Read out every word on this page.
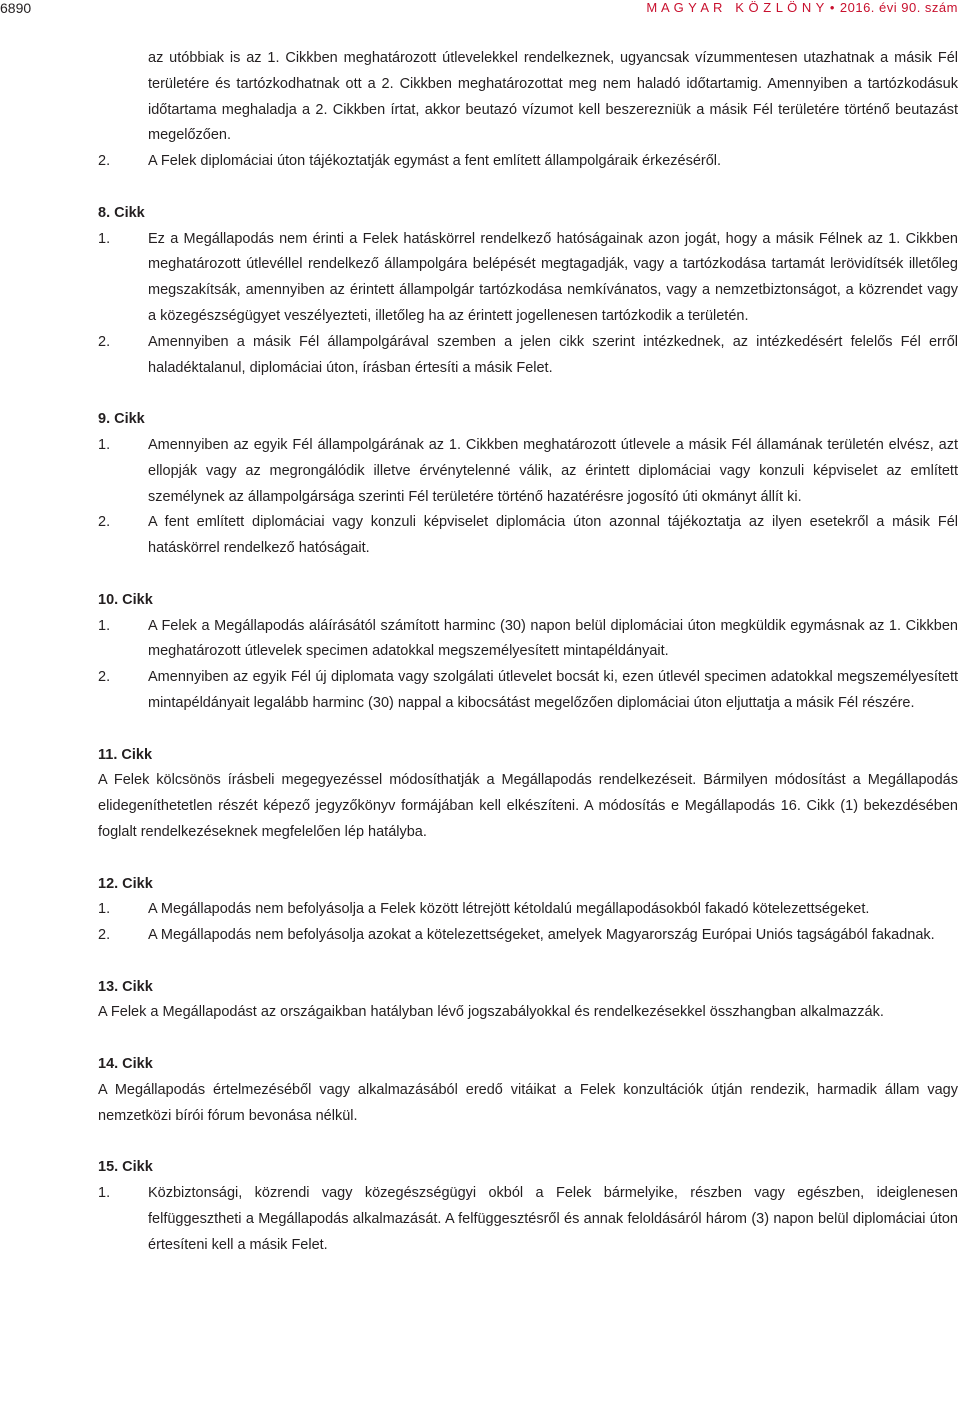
6890	M A G Y A R   K Ö Z L Ö N Y • 2016. évi 90. szám
az utóbbiak is az 1. Cikkben meghatározott útlevelekkel rendelkeznek, ugyancsak vízummentesen utazhatnak a másik Fél területére és tartózkodhatnak ott a 2. Cikkben meghatározottat meg nem haladó időtartamig. Amennyiben a tartózkodásuk időtartama meghaladja a 2. Cikkben írtat, akkor beutazó vízumot kell beszerezniük a másik Fél területére történő beutazást megelőzően.
2.	A Felek diplomáciai úton tájékoztatják egymást a fent említett állampolgáraik érkezéséről.
8. Cikk
1.	Ez a Megállapodás nem érinti a Felek hatáskörrel rendelkező hatóságainak azon jogát, hogy a másik Félnek az 1. Cikkben meghatározott útlevéllel rendelkező állampolgára belépését megtagadják, vagy a tartózkodása tartamát lerövidítsék illetőleg megszakítsák, amennyiben az érintett állampolgár tartózkodása nemkívánatos, vagy a nemzetbiztonságot, a közrendet vagy a közegészségügyet veszélyezteti, illetőleg ha az érintett jogellenesen tartózkodik a területén.
2.	Amennyiben a másik Fél állampolgárával szemben a jelen cikk szerint intézkednek, az intézkedésért felelős Fél erről haladéktalanul, diplomáciai úton, írásban értesíti a másik Felet.
9. Cikk
1.	Amennyiben az egyik Fél állampolgárának az 1. Cikkben meghatározott útlevele a másik Fél államának területén elvész, azt ellopják vagy az megrongálódik illetve érvénytelenné válik, az érintett diplomáciai vagy konzuli képviselet az említett személynek az állampolgársága szerinti Fél területére történő hazatérésre jogosító úti okmányt állít ki.
2.	A fent említett diplomáciai vagy konzuli képviselet diplomácia úton azonnal tájékoztatja az ilyen esetekről a másik Fél hatáskörrel rendelkező hatóságait.
10. Cikk
1.	A Felek a Megállapodás aláírásától számított harminc (30) napon belül diplomáciai úton megküldik egymásnak az 1. Cikkben meghatározott útlevelek specimen adatokkal megszemélyesített mintapéldányait.
2.	Amennyiben az egyik Fél új diplomata vagy szolgálati útlevelet bocsát ki, ezen útlevél specimen adatokkal megszemélyesített mintapéldányait legalább harminc (30) nappal a kibocsátást megelőzően diplomáciai úton eljuttatja a másik Fél részére.
11. Cikk
A Felek kölcsönös írásbeli megegyezéssel módosíthatják a Megállapodás rendelkezéseit. Bármilyen módosítást a Megállapodás elidegeníthetetlen részét képező jegyzőkönyv formájában kell elkészíteni. A módosítás e Megállapodás 16. Cikk (1) bekezdésében foglalt rendelkezéseknek megfelelően lép hatályba.
12. Cikk
1.	A Megállapodás nem befolyásolja a Felek között létrejött kétoldalú megállapodásokból fakadó kötelezettségeket.
2.	A Megállapodás nem befolyásolja azokat a kötelezettségeket, amelyek Magyarország Európai Uniós tagságából fakadnak.
13. Cikk
A Felek a Megállapodást az országaikban hatályban lévő jogszabályokkal és rendelkezésekkel összhangban alkalmazzák.
14. Cikk
A Megállapodás értelmezéséből vagy alkalmazásából eredő vitáikat a Felek konzultációk útján rendezik, harmadik állam vagy nemzetközi bírói fórum bevonása nélkül.
15. Cikk
1.	Közbiztonsági, közrendi vagy közegészségügyi okból a Felek bármelyike, részben vagy egészben, ideiglenesen felfüggesztheti a Megállapodás alkalmazását. A felfüggesztésről és annak feloldásáról három (3) napon belül diplomáciai úton értesíteni kell a másik Felet.
